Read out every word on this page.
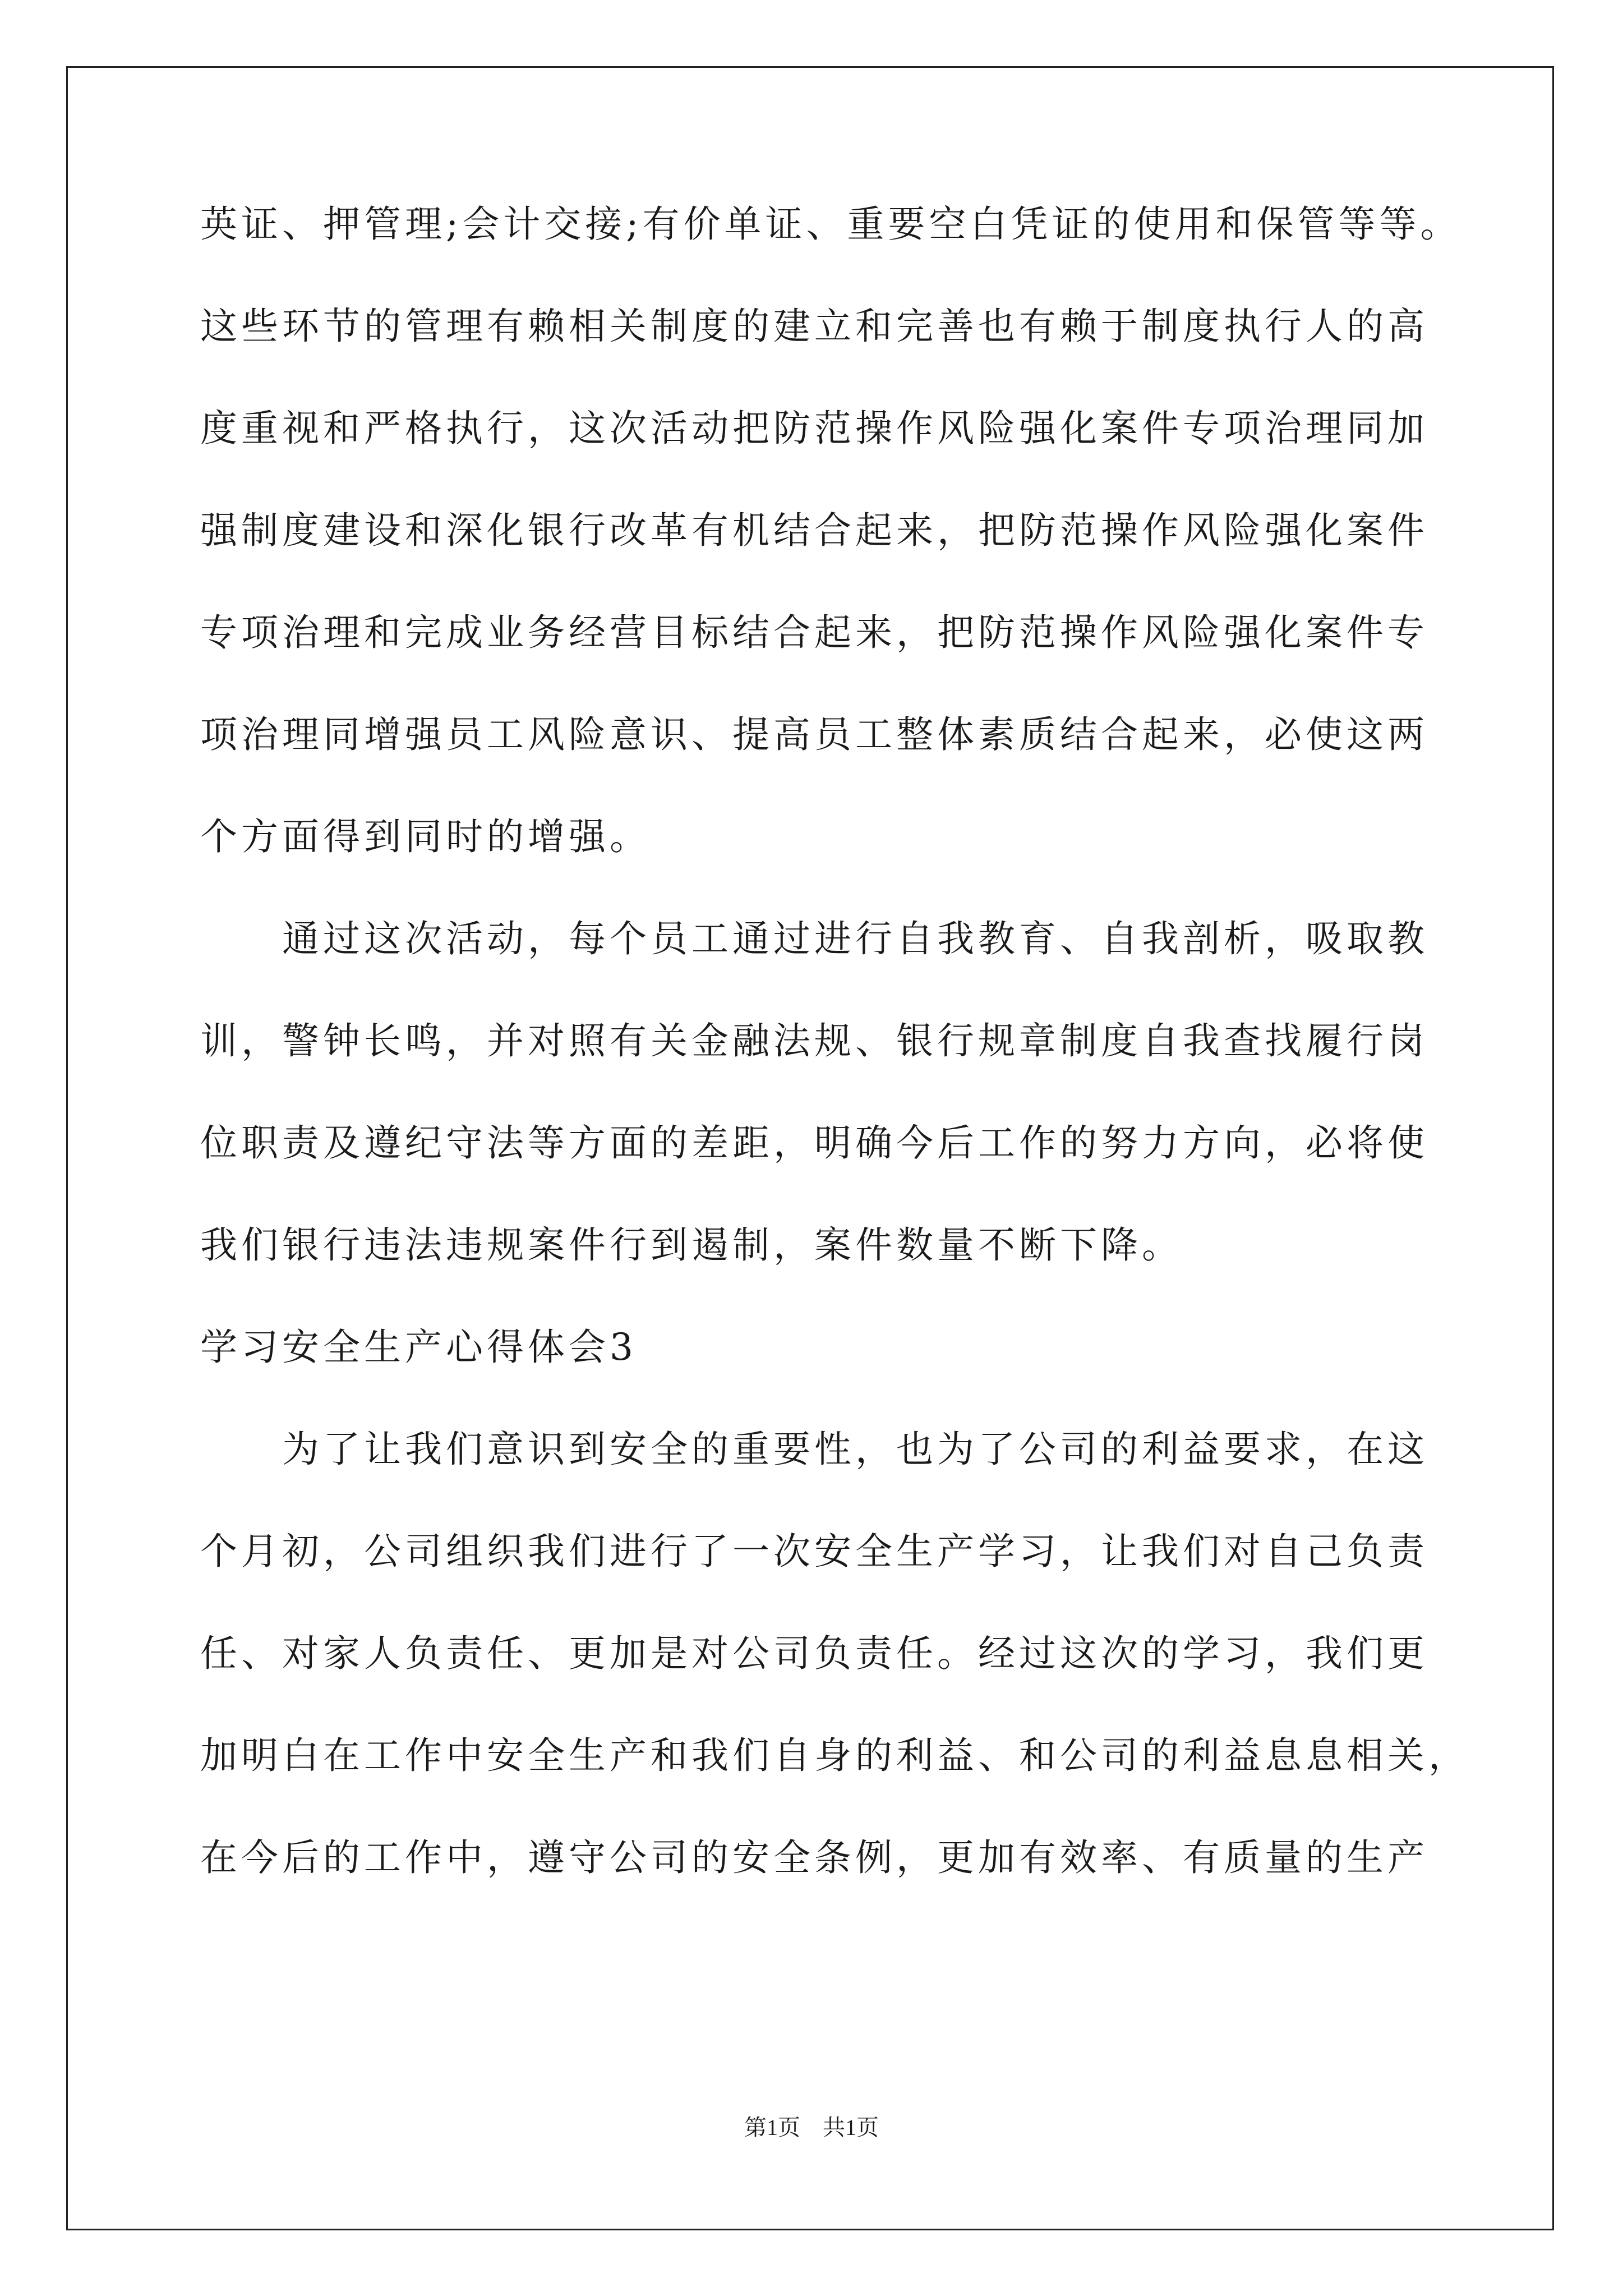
英证、押管理;会计交接;有价单证、重要空白凭证的使用和保管等等。
这些环节的管理有赖相关制度的建立和完善也有赖于制度执行人的高
度重视和严格执行，这次活动把防范操作风险强化案件专项治理同加
强制度建设和深化银行改革有机结合起来，把防范操作风险强化案件
专项治理和完成业务经营目标结合起来，把防范操作风险强化案件专
项治理同增强员工风险意识、提高员工整体素质结合起来，必使这两
个方面得到同时的增强。
　　通过这次活动，每个员工通过进行自我教育、自我剖析，吸取教
训，警钟长鸣，并对照有关金融法规、银行规章制度自我查找履行岗
位职责及遵纪守法等方面的差距，明确今后工作的努力方向，必将使
我们银行违法违规案件行到遏制，案件数量不断下降。
学习安全生产心得体会3
　　为了让我们意识到安全的重要性，也为了公司的利益要求，在这
个月初，公司组织我们进行了一次安全生产学习，让我们对自己负责
任、对家人负责任、更加是对公司负责任。经过这次的学习，我们更
加明白在工作中安全生产和我们自身的利益、和公司的利益息息相关，
在今后的工作中，遵守公司的安全条例，更加有效率、有质量的生产
第1页　共1页
